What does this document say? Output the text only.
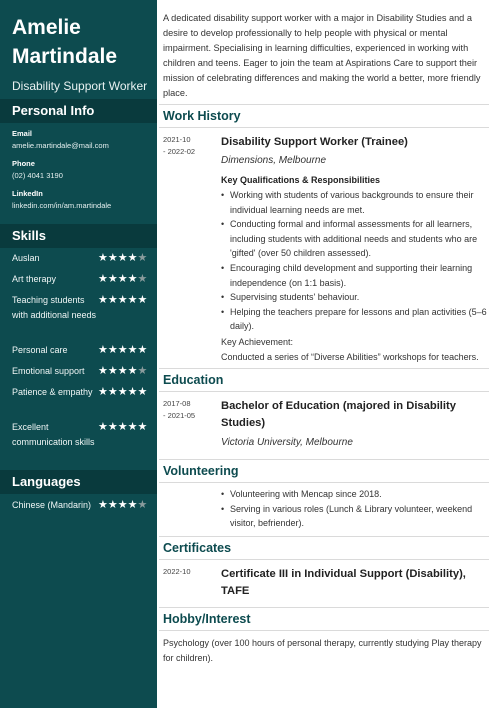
Amelie
Martindale
Disability Support Worker
Personal Info
Email
amelie.martindale@mail.com
Phone
(02) 4041 3190
LinkedIn
linkedin.com/in/am.martindale
Skills
Auslan	★★★★★
Art therapy	★★★★★
Teaching students with additional needs
★★★★★
Personal care	★★★★★
Emotional support	★★★★★
Patience & empathy ★★★★★
Excellent communication skills
★★★★★
Languages
Chinese (Mandarin) ★★★★★
A dedicated disability support worker with a major in Disability Studies and a desire to develop professionally to help people with physical or mental impairment. Specialising in learning difficulties, experienced in working with children and teens. Eager to join the team at Aspirations Care to support their mission of celebrating differences and making the world a better, more friendly place.
Work History
2021-10
- 2022-02
Disability Support Worker (Trainee)
Dimensions, Melbourne
Key Qualifications & Responsibilities
• Working with students of various backgrounds to ensure their individual learning needs are met.
• Conducting formal and informal assessments for all learners, including students with additional needs and students who are 'gifted' (over 50 children assessed).
• Encouraging child development and supporting their learning independence (on 1:1 basis).
• Supervising students' behaviour.
• Helping the teachers prepare for lessons and plan activities (5–6 daily).
Key Achievement:
Conducted a series of “Diverse Abilities” workshops for teachers.
Education
2017-08
- 2021-05
Bachelor of Education (majored in Disability Studies)
Victoria University, Melbourne
Volunteering
• Volunteering with Mencap since 2018.
• Serving in various roles (Lunch & Library volunteer, weekend visitor, befriender).
Certificates
2022-10	Certificate III in Individual Support (Disability), TAFE
Hobby/Interest
Psychology (over 100 hours of personal therapy, currently studying Play therapy for children).
